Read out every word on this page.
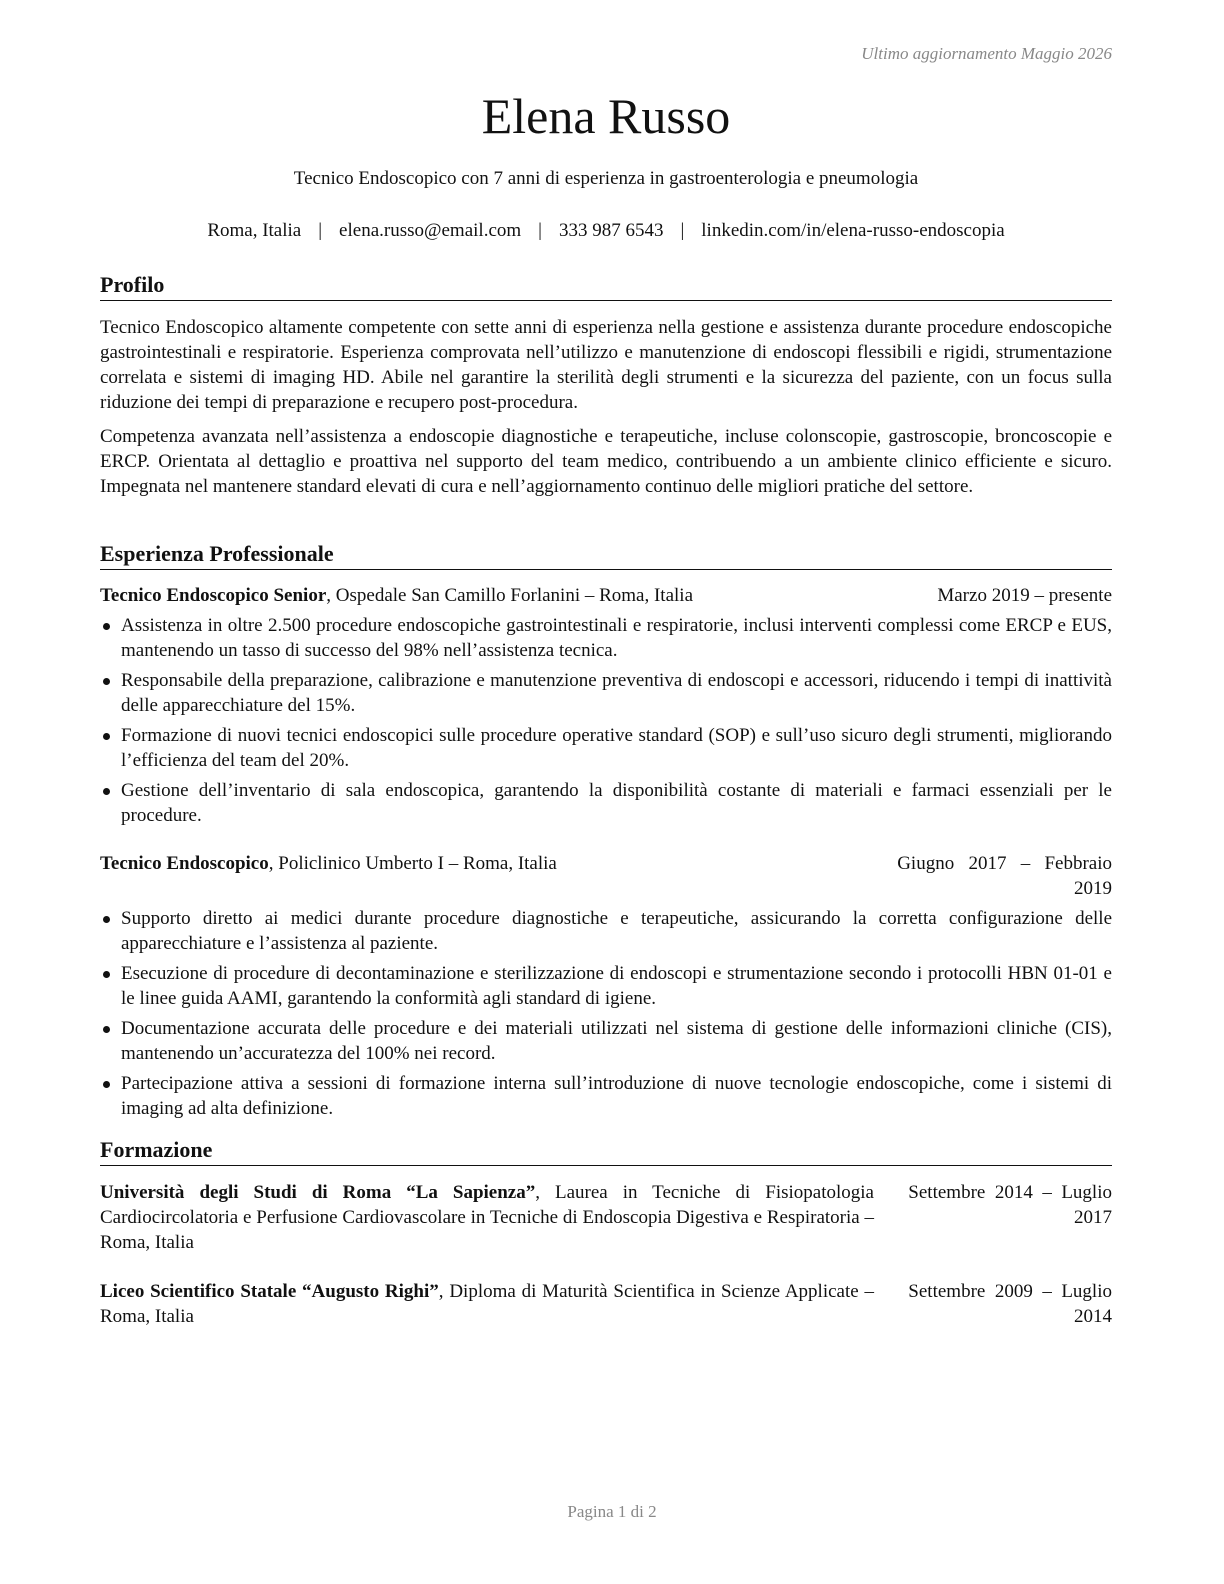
Ultimo aggiornamento Maggio 2026
Elena Russo
Tecnico Endoscopico con 7 anni di esperienza in gastroenterologia e pneumologia
Roma, Italia | elena.russo@email.com | 333 987 6543 | linkedin.com/in/elena-russo-endoscopia
Profilo

Tecnico Endoscopico altamente competente con sette anni di esperienza nella gestione e assistenza durante procedure endoscopiche gastrointestinali e respiratorie. Esperienza comprovata nell’utilizzo e manutenzione di endoscopi flessibili e rigidi, strumentazione correlata e sistemi di imaging HD. Abile nel garantire la sterilità degli strumenti e la sicurezza del paziente, con un focus sulla riduzione dei tempi di preparazione e recupero post-procedura.

Competenza avanzata nell’assistenza a endoscopie diagnostiche e terapeutiche, incluse colonscopie, gastroscopie, broncoscopie e ERCP. Orientata al dettaglio e proattiva nel supporto del team medico, contribuendo a un ambiente clinico efficiente e sicuro. Impegnata nel mantenere standard elevati di cura e nell’aggiornamento continuo delle migliori pratiche del settore.

Esperienza Professionale
Tecnico Endoscopico Senior, Ospedale San Camillo Forlanini – Roma, Italia	Marzo 2019 – presente
Assistenza in oltre 2.500 procedure endoscopiche gastrointestinali e respiratorie, inclusi interventi complessi come ERCP e EUS, mantenendo un tasso di successo del 98% nell’assistenza tecnica.
Responsabile della preparazione, calibrazione e manutenzione preventiva di endoscopi e accessori, riducendo i tempi di inattività delle apparecchiature del 15%.
Formazione di nuovi tecnici endoscopici sulle procedure operative standard (SOP) e sull’uso sicuro degli strumenti, migliorando l’efficienza del team del 20%.
Gestione dell’inventario di sala endoscopica, garantendo la disponibilità costante di materiali e farmaci essenziali per le procedure.
Tecnico Endoscopico, Policlinico Umberto I – Roma, Italia	Giugno   2017   –   Febbraio
2019
Supporto diretto ai medici durante procedure diagnostiche e terapeutiche, assicurando la corretta configurazione delle apparecchiature e l’assistenza al paziente.
Esecuzione di procedure di decontaminazione e sterilizzazione di endoscopi e strumentazione secondo i protocolli HBN 01-01 e le linee guida AAMI, garantendo la conformità agli standard di igiene.
Documentazione accurata delle procedure e dei materiali utilizzati nel sistema di gestione delle informazioni cliniche (CIS), mantenendo un’accuratezza del 100% nei record.
Partecipazione attiva a sessioni di formazione interna sull’introduzione di nuove tecnologie endoscopiche, come i sistemi di imaging ad alta definizione.
Formazione
Università degli Studi di Roma “La Sapienza”, Laurea in Tecniche di Fisiopatologia Cardiocircolatoria e Perfusione Cardiovascolare in Tecniche di Endoscopia Digestiva e Respiratoria – Roma, Italia
Settembre  2014  –  Luglio
2017
Liceo Scientifico Statale “Augusto Righi”, Diploma di Maturità Scientifica in Scienze Applicate – Roma, Italia
Settembre  2009  –  Luglio
2014
Pagina 1 di 2
